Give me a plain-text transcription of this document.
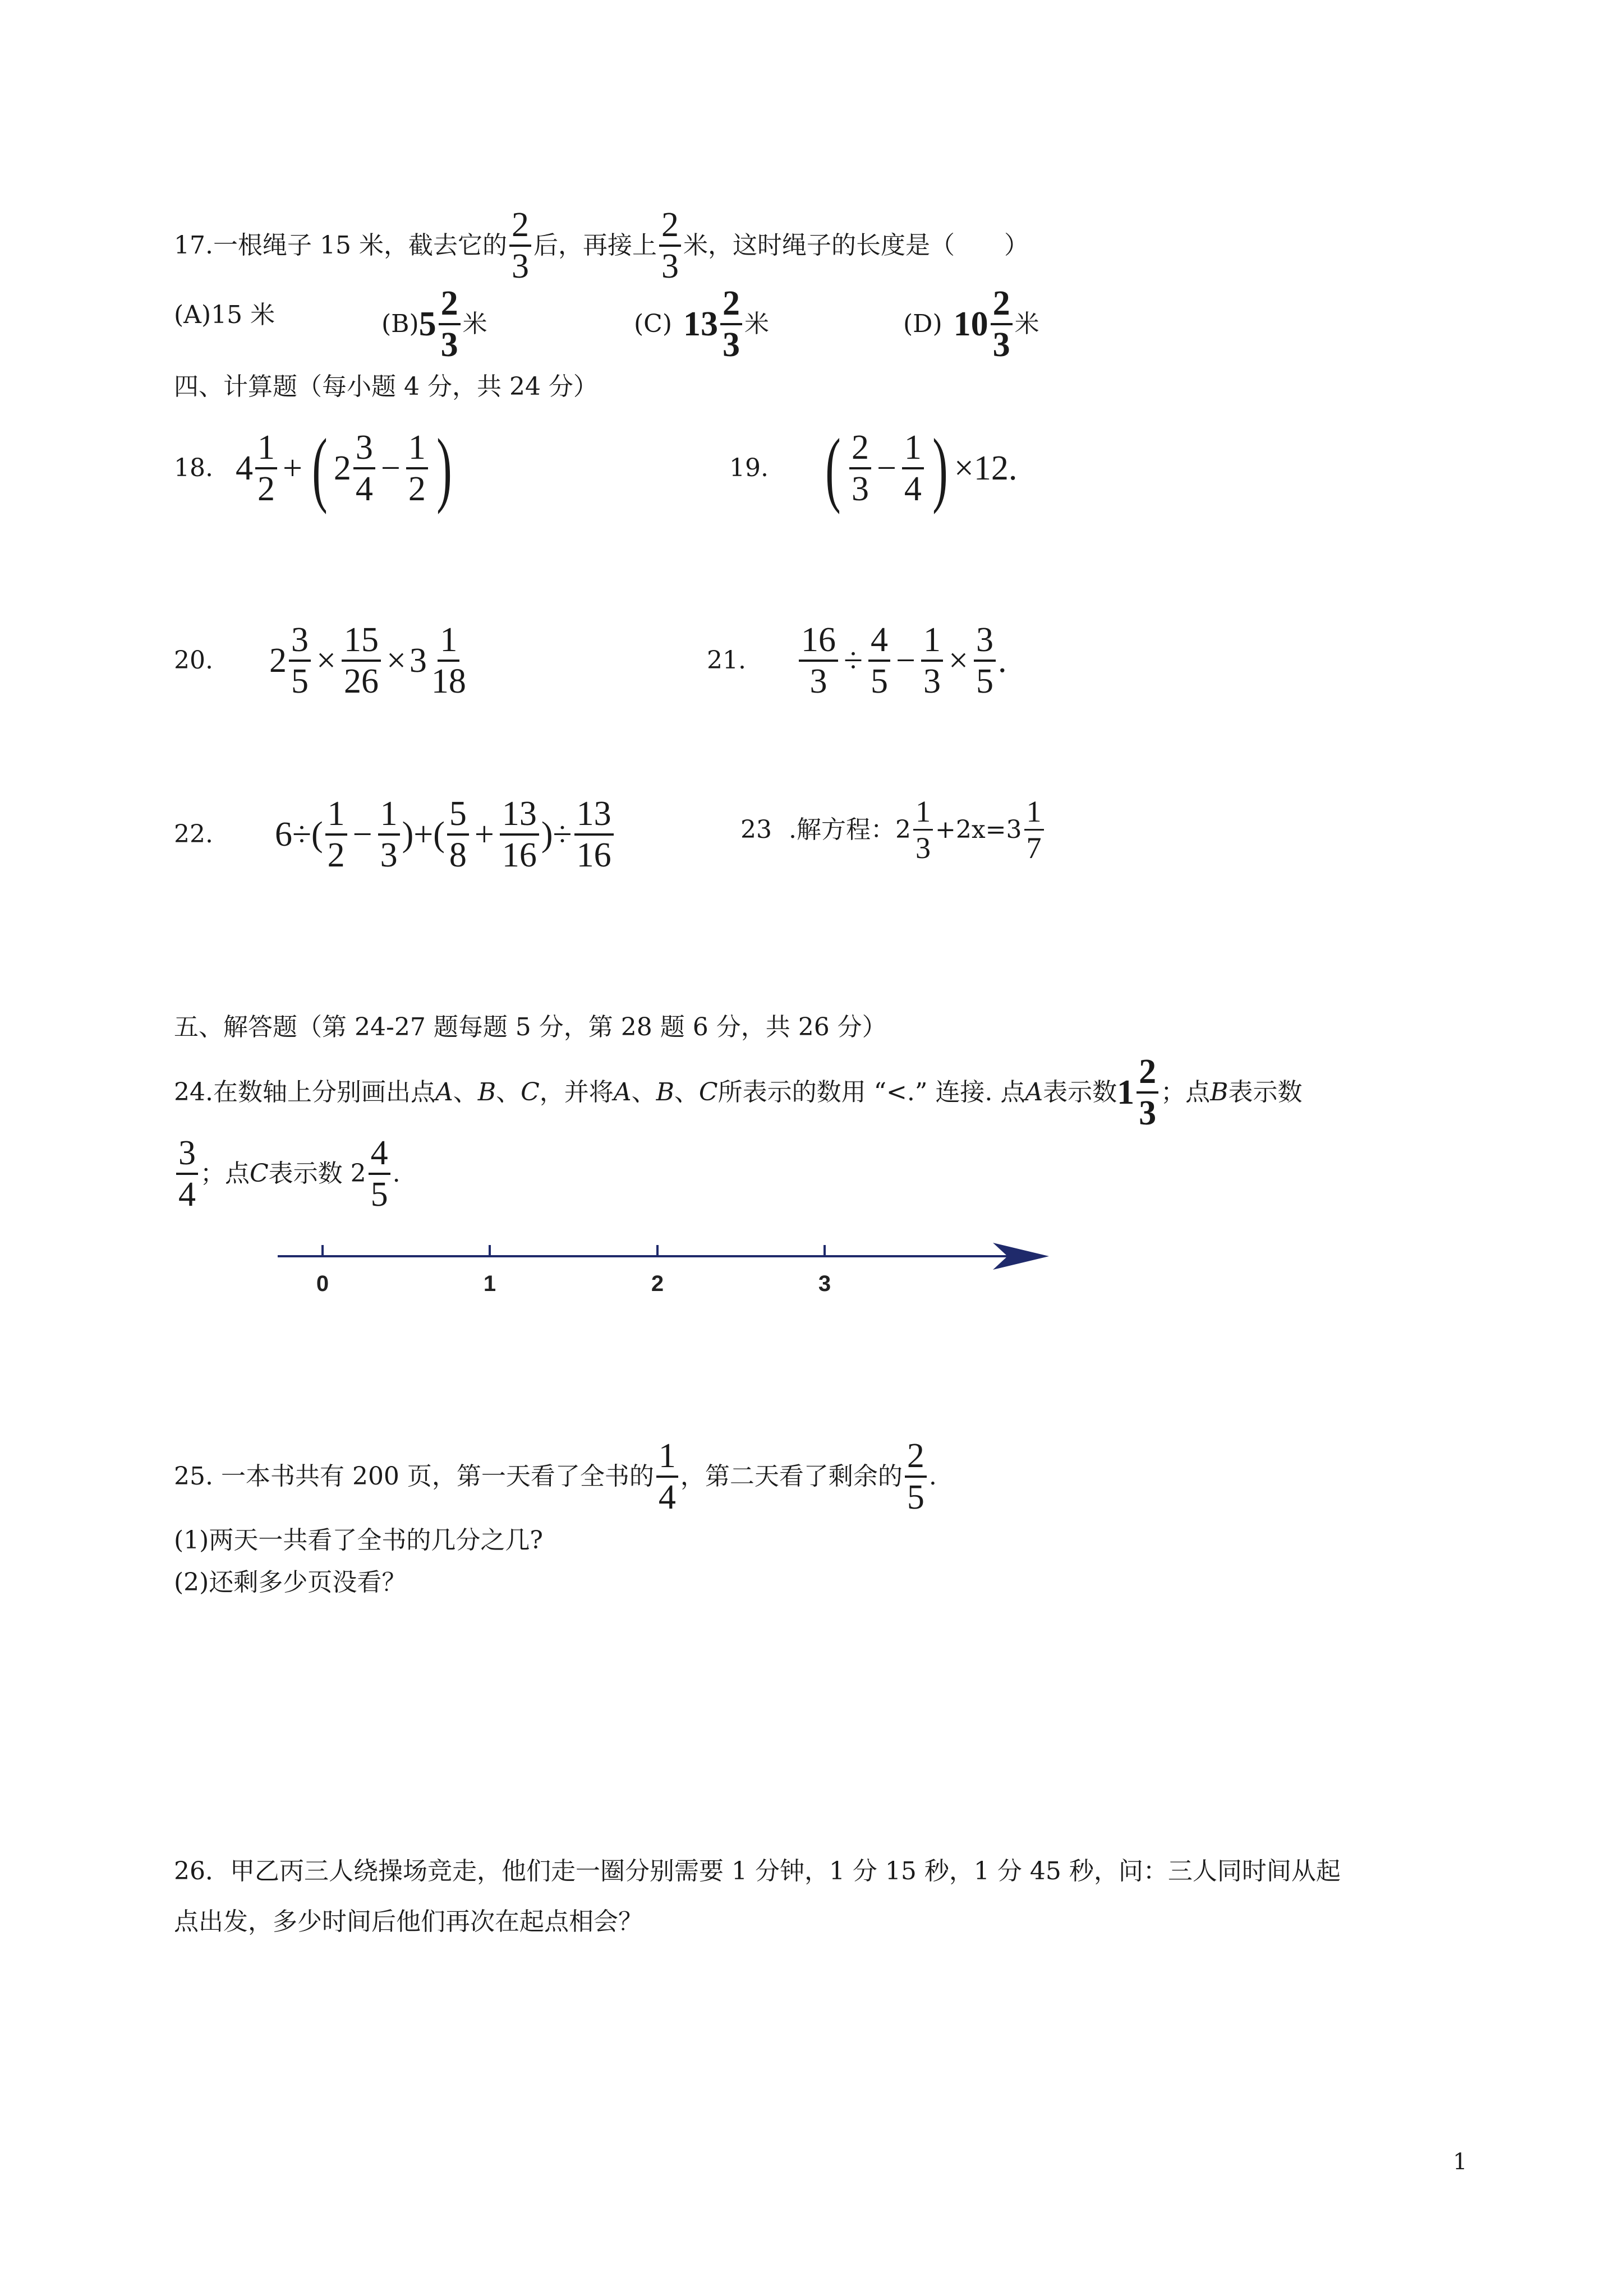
17. 一根绳子 15 米，截去它的 $\frac{2}{3}$ 后，再接上 $\frac{2}{3}$ 米，这时绳子的长度是（　　）
(A)15 米	(B) $5 \frac{2}{3}$ 米	(C) $13 \frac{2}{3}$ 米	(D) $10 \frac{2}{3}$ 米
四、计算题（每小题 4 分，共 24 分）
18. $4 \frac{1}{2}$ + ( $2 \frac{3}{4} - \frac{1}{2}$ )	19. ( $\frac{2}{3} - \frac{1}{4}$ ) ×12.
20. $2 \frac{3}{5} \times \frac{15}{26} \times 3 \frac{1}{18}$	21. $\frac{16}{3} \div \frac{4}{5} - \frac{1}{3} \times \frac{3}{5}$ .
22. $6\div( \frac{1}{2} - \frac{1}{3}$ )+( $\frac{5}{8} + \frac{13}{16}$ )÷ $\frac{13}{16}$	23 .解方程：$2 \frac{1}{3} +2x=3 \frac{1}{7}$
五、解答题（第 24-27 题每题 5 分，第 28 题 6 分，共 26 分）
24.在数轴上分别画出点 A 、 B 、 C ，并将 A 、 B 、 C 所表示的数用 “<.” 连接. 点 A 表示数 $1 \frac{2}{3}$ ；点 B 表示数
$\frac{3}{4}$ ；点 C 表示数 $2 \frac{4}{5}$ .
0	1	2	3
25. 一本书共有 200 页，第一天看了全书的 $\frac{1}{4}$ ，第二天看了剩余的 $\frac{2}{5}$ .
(1)两天一共看了全书的几分之几?
(2)还剩多少页没看？
26．甲乙丙三人绕操场竞走，他们走一圈分别需要 1 分钟，1 分 15 秒，1 分 45 秒，问：三人同时间从起
点出发，多少时间后他们再次在起点相会？
1
